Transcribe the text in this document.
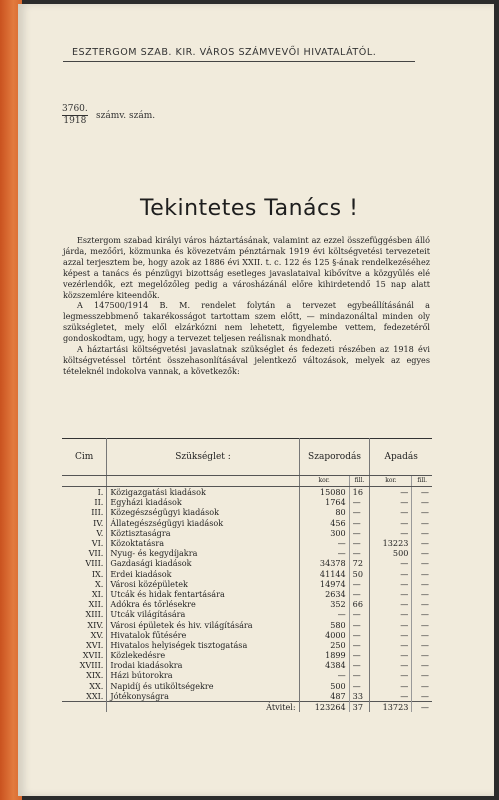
ESZTERGOM SZAB. KIR. VÁROS SZÁMVEVŐI HIVATALÁTÓL.
$\frac{3760.}{1918}$ számv. szám.
Tekintetes Tanács !

Esztergom szabad királyi város háztartásának, valamint az ezzel összefüggésben álló járda, mezőőri, közmunka és kövezetvám pénztárnak 1919 évi költségvetési tervezeteit azzal terjesztem be, hogy azok az 1886 évi XXII. t. c. 122 és 125 §-ának rendelkezéséhez képest a tanács és pénzügyi bizottság esetleges javaslataival kibővítve a közgyűlés elé vezérlendők, ezt megelőzőleg pedig a városházánál előre kihirdetendő 15 nap alatt közszemlére kiteendők.

A 147500/1914 B. M. rendelet folytán a tervezet egybeállításánál a legmesszebbmenő takarékosságot tartottam szem előtt, — mindazonáltal minden oly szükségletet, mely elől elzárkózni nem lehetett, figyelembe vettem, fedezetéről gondoskodtam, ugy, hogy a tervezet teljesen reálisnak mondható.

A háztartási költségvetési javaslatnak szükséglet és fedezeti részében az 1918 évi költségvetéssel történt összehasonlításával jelentkező változások, melyek az egyes tételeknél indokolva vannak, a következők:

Cim	Szükséglet :	Szaporodás		Apadás	
		kor.	fill.	kor.	fill.
I.	Közigazgatási kiadások	15080	16	—	—
II.	Egyházi kiadások	1764	—	—	—
III.	Közegészségügyi kiadások	80	—	—	—
IV.	Állategészségügyi kiadások	456	—	—	—
V.	Köztisztaságra	300	—	—	—
VI.	Közoktatásra	—	—	13223	—
VII.	Nyug- és kegydíjakra	—	—	500	—
VIII.	Gazdasági kiadások	34378	72	—	—
IX.	Erdei kiadások	41144	50	—	—
X.	Városi középületek	14974	—	—	—
XI.	Utcák és hidak fentartására	2634	—	—	—
XII.	Adókra és tőrlésekre	352	66	—	—
XIII.	Utcák világítására	—	—	—	—
XIV.	Városi épületek és hiv. világítására	580	—	—	—
XV.	Hivatalok fűtésére	4000	—	—	—
XVI.	Hivatalos helyiségek tisztogatása	250	—	—	—
XVII.	Közlekedésre	1899	—	—	—
XVIII.	Irodai kiadásokra	4384	—	—	—
XIX.	Házi bútorokra	—	—	—	—
XX.	Napidíj és utiköltségekre	500	—	—	—
XXI.	Jótékonyságra	487	33	—	—
	Átvitel:	123264	37	13723	—
